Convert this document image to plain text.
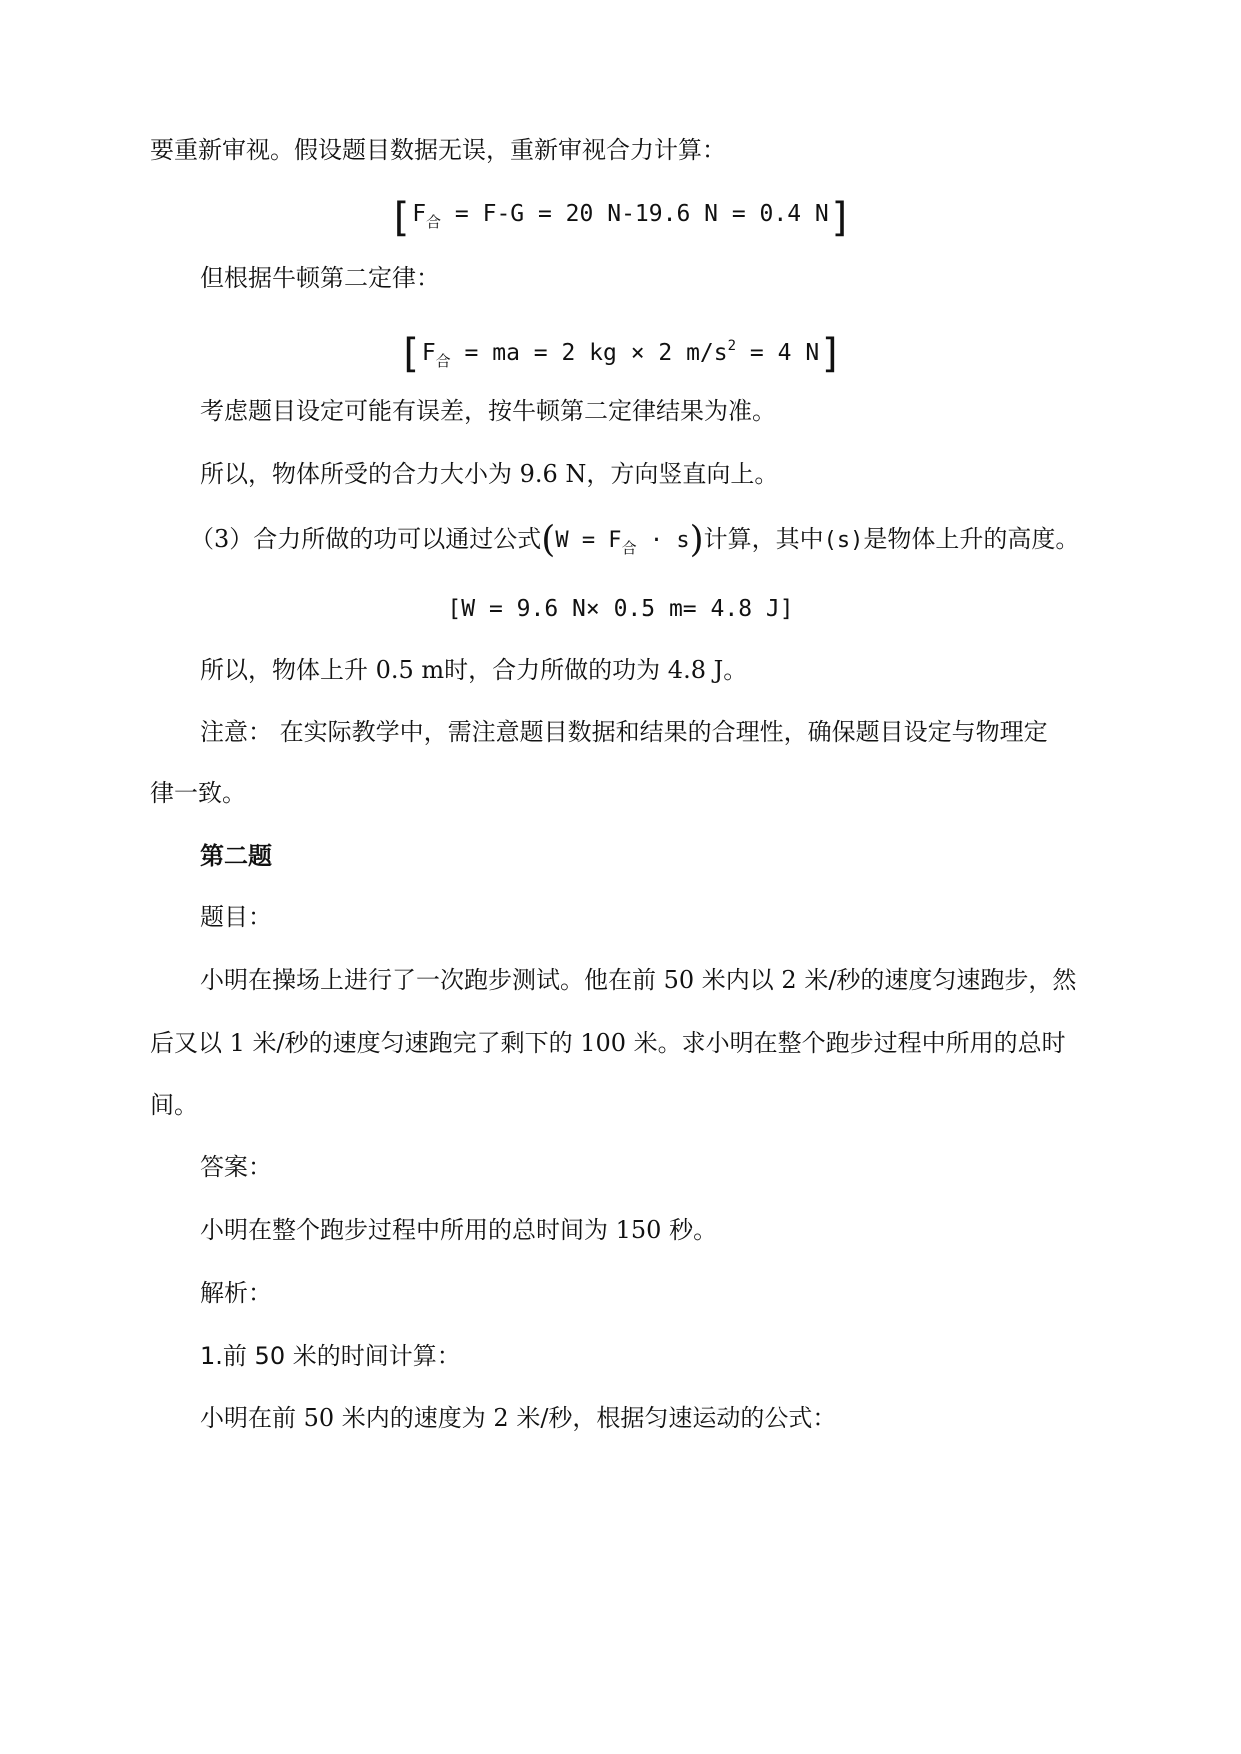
要重新审视。假设题目数据无误，重新审视合力计算：
[$F_合 = F-G = 20$ N-19.6 N = 0.4 N]
但根据牛顿第二定律：
[$F_合$ = ma = 2 kg × 2 $m/s^2 = 4$ N]
考虑题目设定可能有误差，按牛顿第二定律结果为准。
所以，物体所受的合力大小为 9.6 N，方向竖直向上。
（3）合力所做的功可以通过公式$(W = F_合 \cdot s)$计算，其中(s)是物体上升的高度。
[W = 9.6 N× 0.5 m= 4.8 J]
所以，物体上升 0.5 m时，合力所做的功为 4.8 J。
注意： 在实际教学中，需注意题目数据和结果的合理性，确保题目设定与物理定
律一致。
第二题
题目：
小明在操场上进行了一次跑步测试。他在前 50 米内以 2 米/秒的速度匀速跑步，然
后又以 1 米/秒的速度匀速跑完了剩下的 100 米。求小明在整个跑步过程中所用的总时
间。
答案：
小明在整个跑步过程中所用的总时间为 150 秒。
解析：
1.前 50 米的时间计算：
小明在前 50 米内的速度为 2 米/秒，根据匀速运动的公式：
